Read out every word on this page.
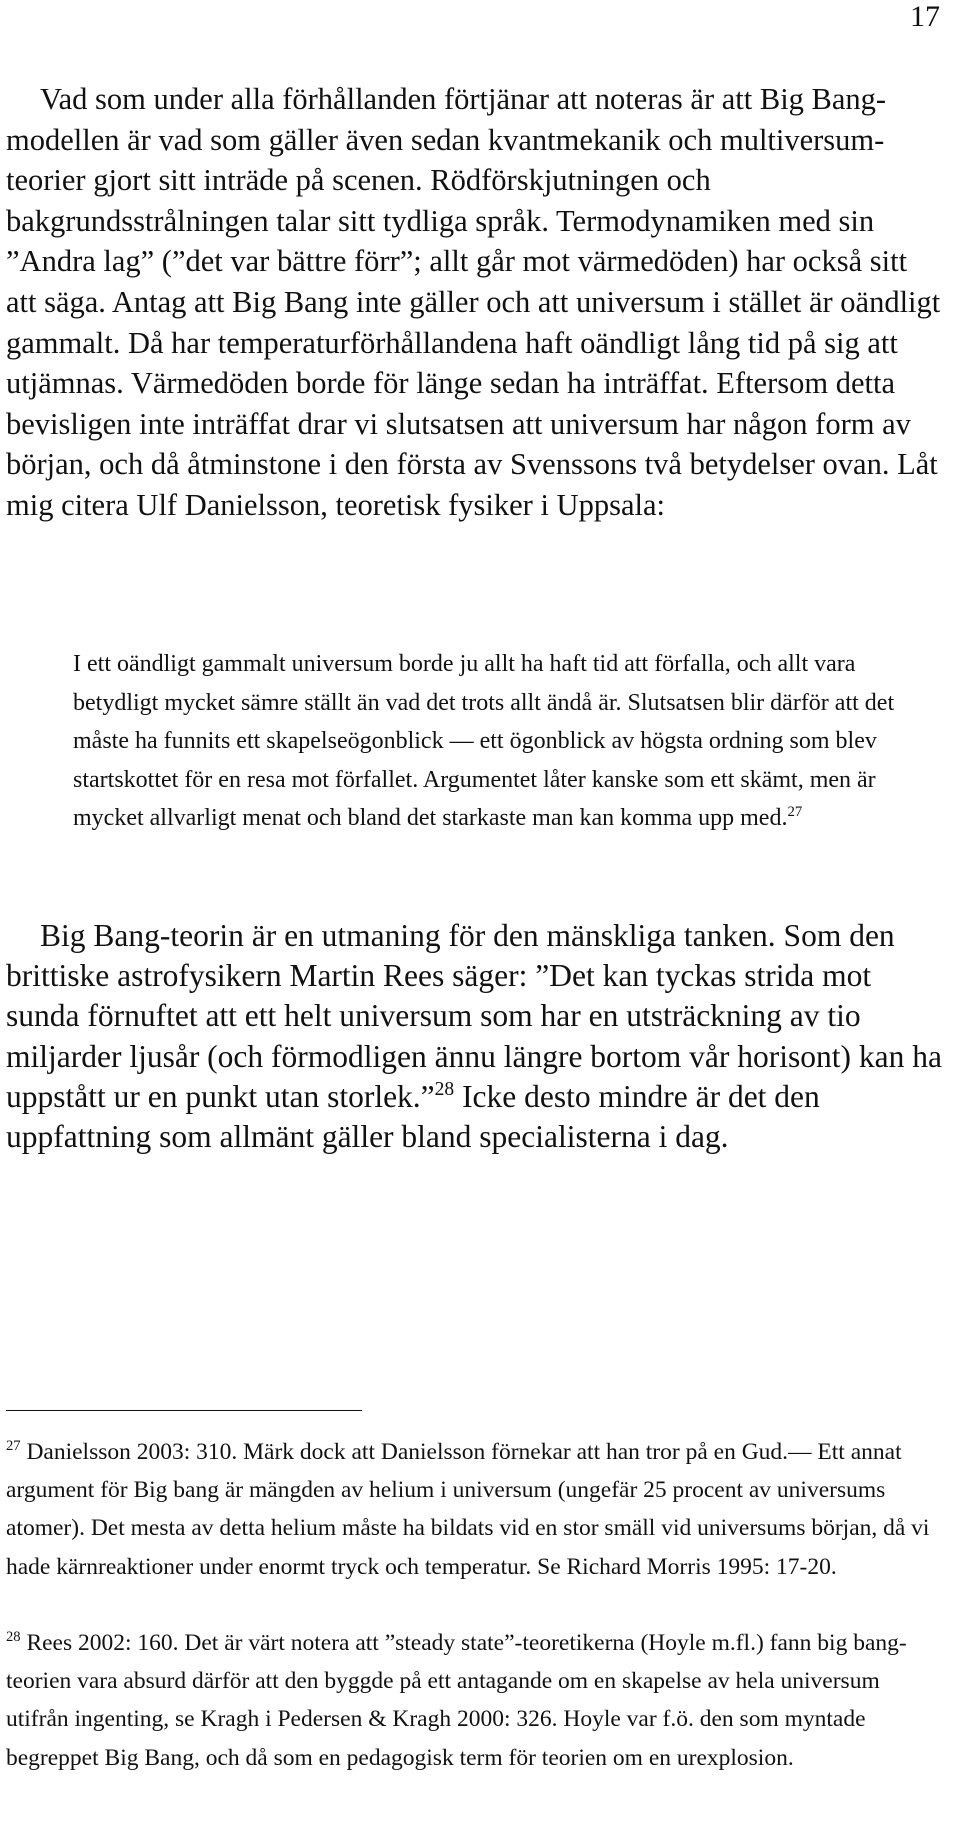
17

Vad som under alla förhållanden förtjänar att noteras är att Big Bang-modellen är vad som gäller även sedan kvantmekanik och multiversum-teorier gjort sitt inträde på scenen. Rödförskjutningen och bakgrundsstrålningen talar sitt tydliga språk. Termodynamiken med sin ”Andra lag” (”det var bättre förr”; allt går mot värmedöden) har också sitt att säga. Antag att Big Bang inte gäller och att universum i stället är oändligt gammalt. Då har temperaturförhållandena haft oändligt lång tid på sig att utjämnas. Värmedöden borde för länge sedan ha inträffat. Eftersom detta bevisligen inte inträffat drar vi slutsatsen att universum har någon form av början, och då åtminstone i den första av Svenssons två betydelser ovan. Låt mig citera Ulf Danielsson, teoretisk fysiker i Uppsala:

I ett oändligt gammalt universum borde ju allt ha haft tid att förfalla, och allt vara betydligt mycket sämre ställt än vad det trots allt ändå är. Slutsatsen blir därför att det måste ha funnits ett skapelseögonblick — ett ögonblick av högsta ordning som blev startskottet för en resa mot förfallet. Argumentet låter kanske som ett skämt, men är mycket allvarligt menat och bland det starkaste man kan komma upp med.$^{27}$

Big Bang-teorin är en utmaning för den mänskliga tanken. Som den brittiske astrofysikern Martin Rees säger: ”Det kan tyckas strida mot sunda förnuftet att ett helt universum som har en utsträckning av tio miljarder ljusår (och förmodligen ännu längre bortom vår horisont) kan ha uppstått ur en punkt utan storlek.”$^{28}$ Icke desto mindre är det den uppfattning som allmänt gäller bland specialisterna i dag.

$^{27}$ Danielsson 2003: 310. Märk dock att Danielsson förnekar att han tror på en Gud.— Ett annat argument för Big bang är mängden av helium i universum (ungefär 25 procent av universums atomer). Det mesta av detta helium måste ha bildats vid en stor smäll vid universums början, då vi hade kärnreaktioner under enormt tryck och temperatur. Se Richard Morris 1995: 17-20.

$^{28}$ Rees 2002: 160. Det är värt notera att ”steady state”-teoretikerna (Hoyle m.fl.) fann big bang-teorien vara absurd därför att den byggde på ett antagande om en skapelse av hela universum utifrån ingenting, se Kragh i Pedersen & Kragh 2000: 326. Hoyle var f.ö. den som myntade begreppet Big Bang, och då som en pedagogisk term för teorien om en urexplosion.
